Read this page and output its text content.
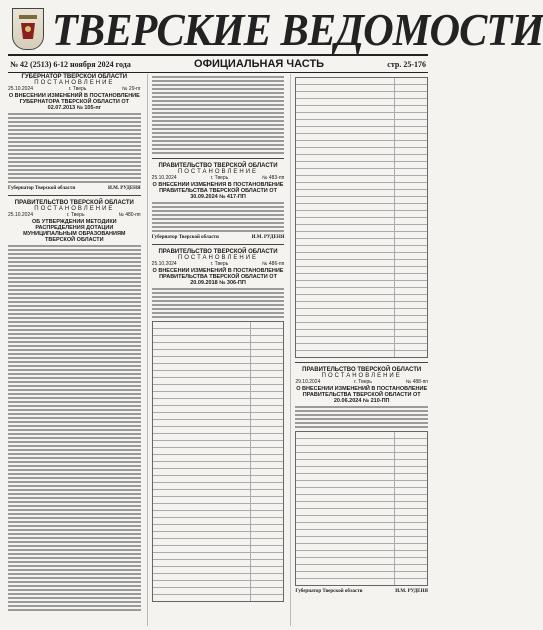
ТВЕРСКИЕ ВЕДОМОСТИ
№ 42 (2513) 6-12 ноября 2024 года	ОФИЦИАЛЬНАЯ ЧАСТЬ	стр. 25-176
ГУБЕРНАТОР ТВЕРСКОЙ ОБЛАСТИ
ПОСТАНОВЛЕНИЕ
25.10.2024	г. Тверь	№ 29-пг
О ВНЕСЕНИИ ИЗМЕНЕНИЙ В ПОСТАНОВЛЕНИЕ ГУБЕРНАТОРА ТВЕРСКОЙ ОБЛАСТИ ОТ 02.07.2013 № 105-пг
Губернатор Тверской области	И.М. РУДЕНЯ
ПРАВИТЕЛЬСТВО ТВЕРСКОЙ ОБЛАСТИ
ПОСТАНОВЛЕНИЕ
25.10.2024	г. Тверь	№ 480-пп
ОБ УТВЕРЖДЕНИИ МЕТОДИКИ РАСПРЕДЕЛЕНИЯ ДОТАЦИИ МУНИЦИПАЛЬНЫМ ОБРАЗОВАНИЯМ ТВЕРСКОЙ ОБЛАСТИ
ПРАВИТЕЛЬСТВО ТВЕРСКОЙ ОБЛАСТИ
ПОСТАНОВЛЕНИЕ
25.10.2024	г. Тверь	№ 483-пп
О ВНЕСЕНИИ ИЗМЕНЕНИЯ В ПОСТАНОВЛЕНИЕ ПРАВИТЕЛЬСТВА ТВЕРСКОЙ ОБЛАСТИ ОТ 30.09.2024 № 417-ПП
Губернатор Тверской области	И.М. РУДЕНЯ
ПРАВИТЕЛЬСТВО ТВЕРСКОЙ ОБЛАСТИ
ПОСТАНОВЛЕНИЕ
25.10.2024	г. Тверь	№ 486-пп
О ВНЕСЕНИИ ИЗМЕНЕНИЙ В ПОСТАНОВЛЕНИЕ ПРАВИТЕЛЬСТВА ТВЕРСКОЙ ОБЛАСТИ ОТ 20.09.2018 № 306-ПП
ПРАВИТЕЛЬСТВО ТВЕРСКОЙ ОБЛАСТИ
ПОСТАНОВЛЕНИЕ
29.10.2024	г. Тверь	№ 488-пп
О ВНЕСЕНИИ ИЗМЕНЕНИЙ В ПОСТАНОВЛЕНИЕ ПРАВИТЕЛЬСТВА ТВЕРСКОЙ ОБЛАСТИ ОТ 20.06.2024 № 210-ПП
Губернатор Тверской области	И.М. РУДЕНЯ
